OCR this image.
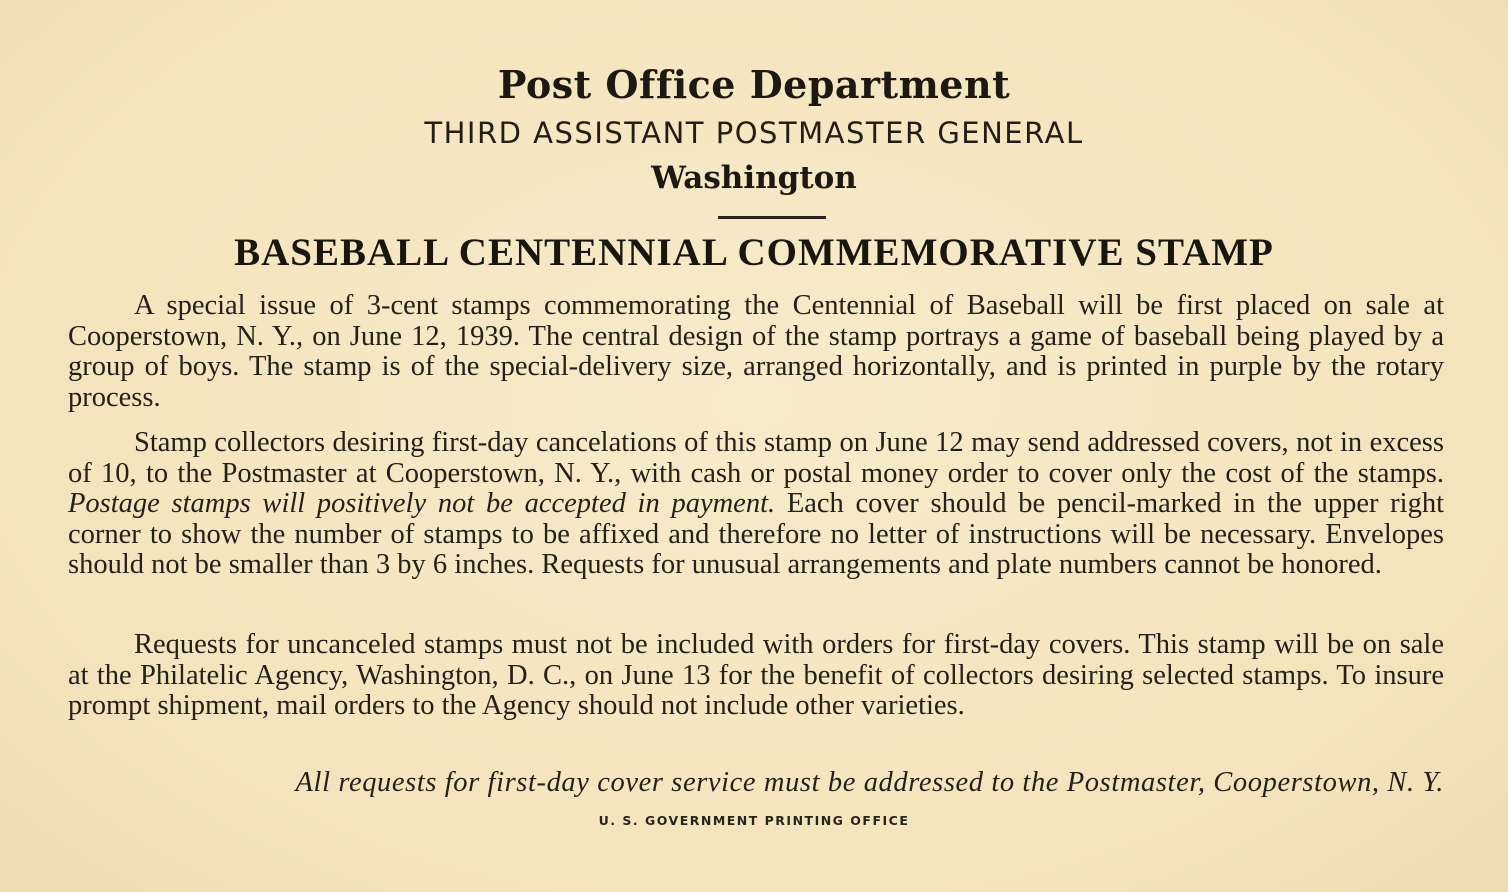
Post Office Department
THIRD ASSISTANT POSTMASTER GENERAL
Washington
BASEBALL CENTENNIAL COMMEMORATIVE STAMP
A special issue of 3-cent stamps commemorating the Centennial of Baseball will be first placed on sale at Cooperstown, N. Y., on June 12, 1939. The central design of the stamp portrays a game of baseball being played by a group of boys. The stamp is of the special-delivery size, arranged horizontally, and is printed in purple by the rotary process.
Stamp collectors desiring first-day cancelations of this stamp on June 12 may send addressed covers, not in excess of 10, to the Postmaster at Cooperstown, N. Y., with cash or postal money order to cover only the cost of the stamps. Postage stamps will positively not be accepted in payment. Each cover should be pencil-marked in the upper right corner to show the number of stamps to be affixed and therefore no letter of instructions will be necessary. Envelopes should not be smaller than 3 by 6 inches. Requests for unusual arrangements and plate numbers cannot be honored.
Requests for uncanceled stamps must not be included with orders for first-day covers. This stamp will be on sale at the Philatelic Agency, Washington, D. C., on June 13 for the benefit of collectors desiring selected stamps. To insure prompt shipment, mail orders to the Agency should not include other varieties.
All requests for first-day cover service must be addressed to the Postmaster, Cooperstown, N. Y.
U. S. GOVERNMENT PRINTING OFFICE
